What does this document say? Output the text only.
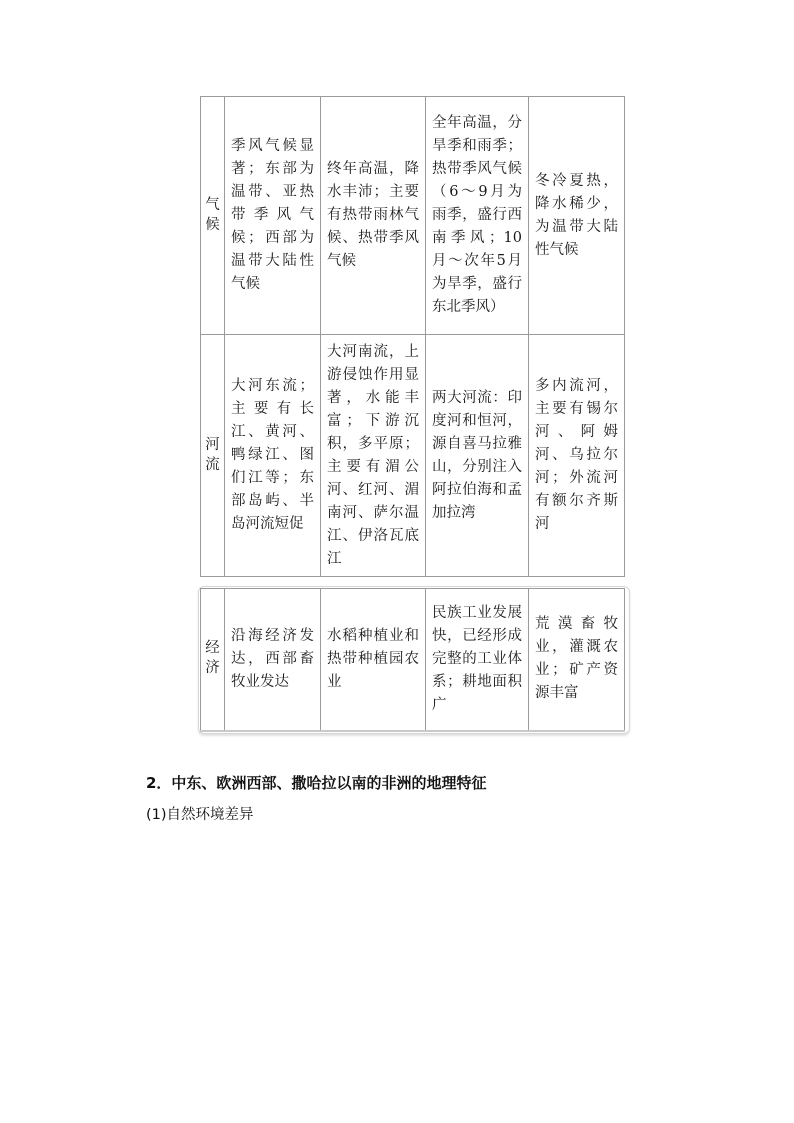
气候	季风气候显著；东部为温带、亚热带季风气候；西部为温带大陆性气候	终年高温，降水丰沛；主要有热带雨林气候、热带季风气候	全年高温，分旱季和雨季；热带季风气候（6～9月为雨季，盛行西南季风；10月～次年5月为旱季，盛行东北季风）	冬冷夏热，降水稀少，为温带大陆性气候
河流	大河东流；主要有长江、黄河、鸭绿江、图们江等；东部岛屿、半岛河流短促	大河南流，上游侵蚀作用显著，水能丰富；下游沉积，多平原；主要有湄公河、红河、湄南河、萨尔温江、伊洛瓦底江	两大河流：印度河和恒河，源自喜马拉雅山，分别注入阿拉伯海和孟加拉湾	多内流河，主要有锡尔河、阿姆河、乌拉尔河；外流河有额尔齐斯河
经济	沿海经济发达，西部畜牧业发达	水稻种植业和热带种植园农业	民族工业发展快，已经形成完整的工业体系；耕地面积广	荒漠畜牧业，灌溉农业；矿产资源丰富
2．中东、欧洲西部、撒哈拉以南的非洲的地理特征
(1)自然环境差异
